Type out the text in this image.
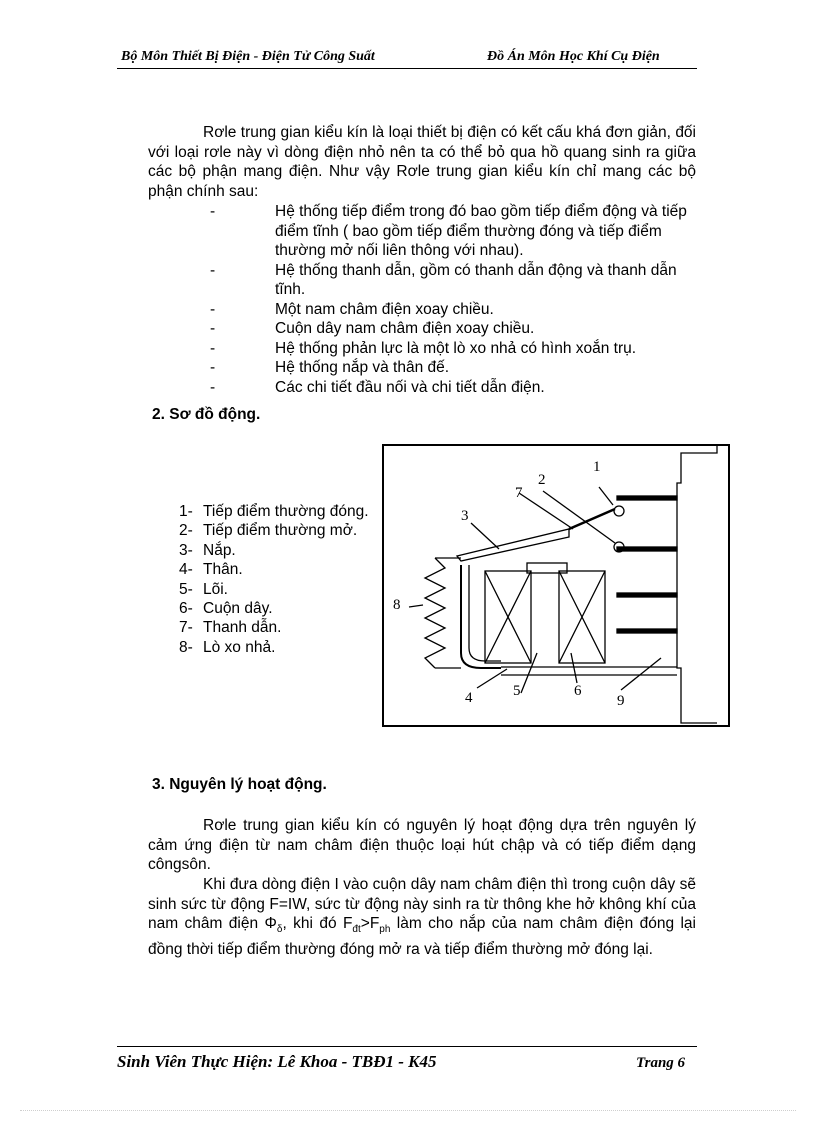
Bộ Môn Thiết Bị Điện - Điện Tử Công Suất	Đồ Án Môn Học Khí Cụ Điện
Rơle trung gian kiểu kín là loại thiết bị điện có kết cấu khá đơn giản, đối với loại rơle này vì dòng điện nhỏ nên ta có thể bỏ qua hồ quang sinh ra giữa các bộ phận mang điện. Như vậy Rơle trung gian kiểu kín chỉ mang các bộ phận chính sau:
-	Hệ thống tiếp điểm trong đó bao gồm tiếp điểm động và tiếp điểm tĩnh ( bao gồm tiếp điểm thường đóng và tiếp điểm thường mở nối liên thông với nhau).
-	Hệ thống thanh dẫn, gồm có thanh dẫn động và thanh dẫn tĩnh.
-	Một nam châm điện xoay chiều.
-	Cuộn dây nam châm điện xoay chiều.
-	Hệ thống phản lực là một lò xo nhả có hình xoắn trụ.
-	Hệ thống nắp và thân đế.
-	Các chi tiết đầu nối và chi tiết dẫn điện.
2. Sơ đồ động.
1- Tiếp điểm thường đóng.
2- Tiếp điểm thường mở.
3- Nắp.
4- Thân.
5- Lõi.
6- Cuộn dây.
7- Thanh dẫn.
8- Lò xo nhả.
1
2
3
7
8
4	5	6
9
3. Nguyên lý hoạt động.
Rơle trung gian kiểu kín có nguyên lý hoạt động dựa trên nguyên lý cảm ứng điện từ nam châm điện thuộc loại hút chập và có tiếp điểm dạng côngsôn.
Khi đưa dòng điện I vào cuộn dây nam châm điện thì trong cuộn dây sẽ sinh sức từ động F=IW, sức từ động này sinh ra từ thông khe hở không khí của nam châm điện $\Phi_\delta$, khi đó $F_{đt}>F_{ph}$ làm cho nắp của nam châm điện đóng lại đồng thời tiếp điểm thường đóng mở ra và tiếp điểm thường mở đóng lại.
Sinh Viên Thực Hiện: Lê Khoa - TBĐ1 - K45	Trang 6
